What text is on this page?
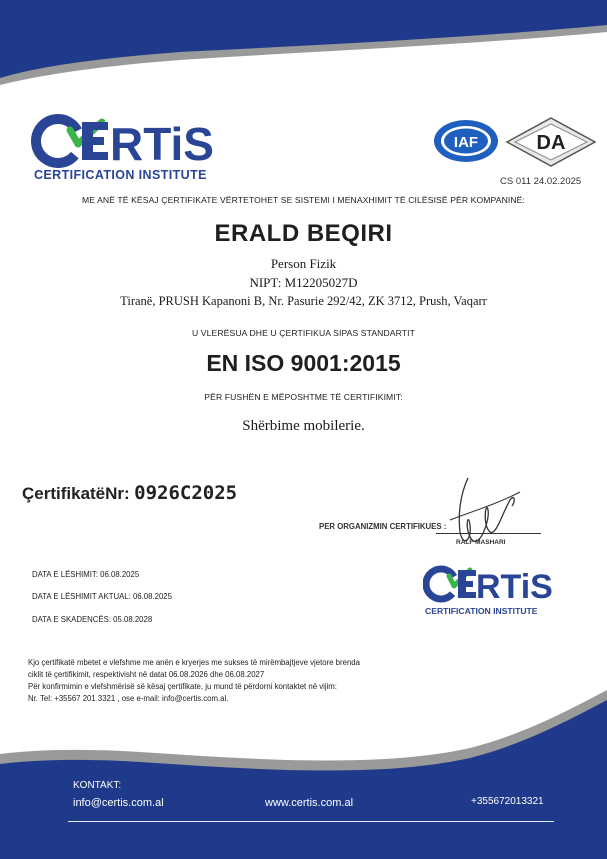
RTiS
CERTIFICATION INSTITUTE
IAF	DA
CS 011 24.02.2025
ME ANË TË KËSAJ ÇERTIFIKATE VËRTETOHET SE SISTEMI I MENAXHIMIT TË CILËSISË PËR KOMPANINË:
ERALD BEQIRI
Person Fizik
NIPT: M12205027D
Tiranë, PRUSH Kapanoni B, Nr. Pasurie 292/42, ZK 3712, Prush, Vaqarr
U VLERËSUA DHE U ÇERTIFIKUA SIPAS STANDARTIT
EN ISO 9001:2015
PËR FUSHËN E MËPOSHTME TË CERTIFIKIMIT:
Shërbime mobilerie.
ÇertifikatëNr: 0926C2025
PER ORGANIZMIN CERTIFIKUES :
RALF MASHARI
RTiS
CERTIFICATION INSTITUTE
DATA E LËSHIMIT: 06.08.2025
DATA E LËSHIMIT AKTUAL: 06.08.2025
DATA E SKADENCËS: 05.08.2028
Kjo çertifikatë mbetet e vlefshme me anën e kryerjes me sukses të mirëmbajtjeve vjetore brenda
ciklit të çertifikimit, respektivisht në datat 06.08.2026 dhe 06.08.2027
Për konfirmimin e vlefshmërisë së kësaj çertifikate, ju mund të përdorni kontaktet në vijim:
Nr. Tel: +35567 201 3321 , ose e-mail: info@certis.com.al.
KONTAKT:
info@certis.com.al	www.certis.com.al	+355672013321
